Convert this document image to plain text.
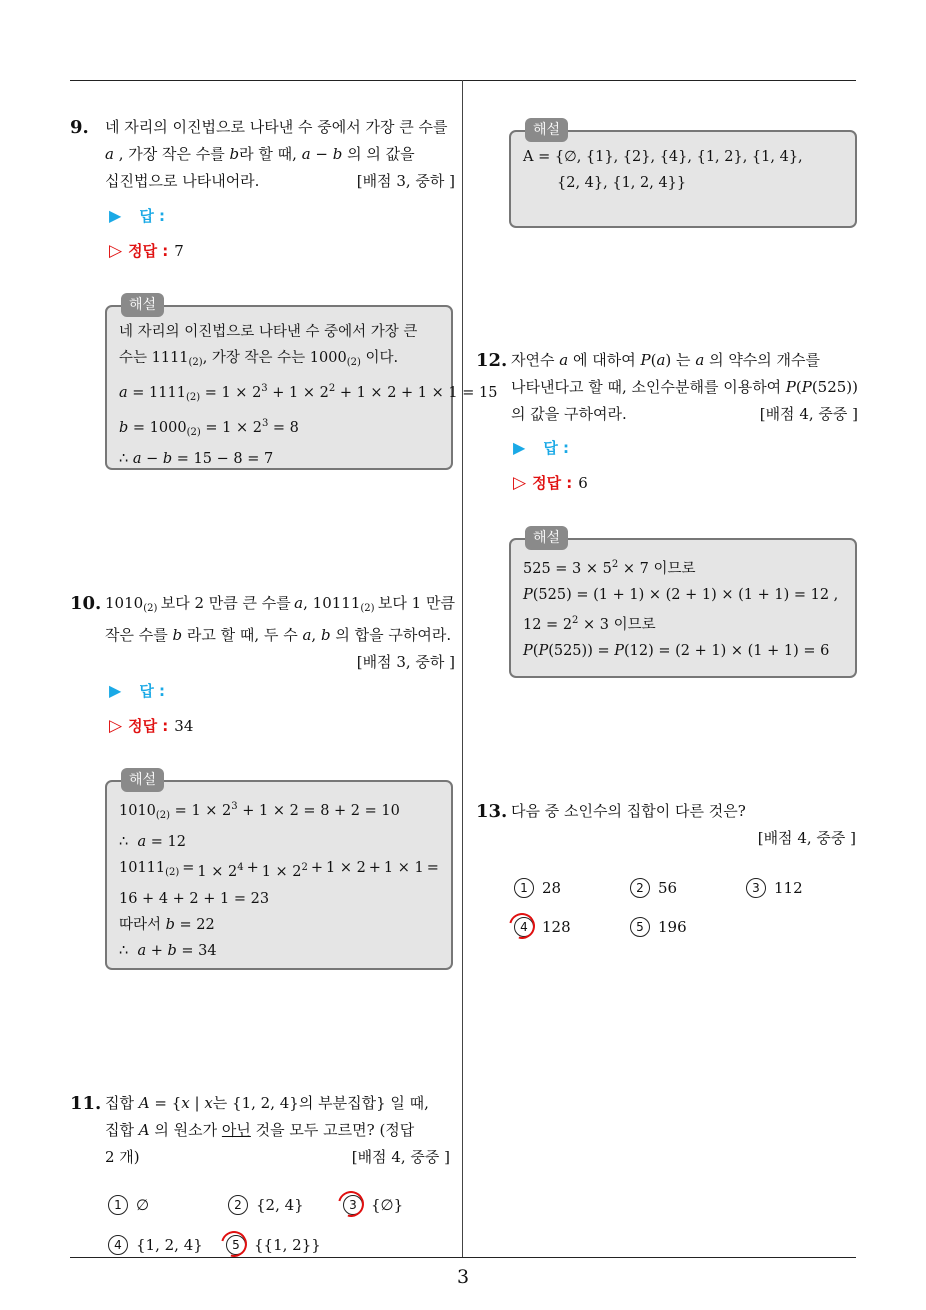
3
9. 네 자리의 이진법으로 나타낸 수 중에서 가장 큰 수를
a , 가장 작은 수를 b라 할 때, a − b 의 의 값을
십진법으로 나타내어라.	[배점 3, 중하 ]
▶ 답 :
▷ 정답 : 7
해설
네 자리의 이진법으로 나타낸 수 중에서 가장 큰
수는 $1111_{(2)}$, 가장 작은 수는 $1000_{(2)}$ 이다.
$a = 1111_{(2)} = 1 \times 2^3 + 1 \times 2^2 + 1 \times 2 + 1 \times 1 = 15$
$b = 1000_{(2)} = 1 \times 2^3 = 8$
∴ a − b = 15 − 8 = 7
10. $1010_{(2)}$ 보다 2 만큼 큰 수를 a, $10111_{(2)}$ 보다 1 만큼
작은 수를 b 라고 할 때, 두 수 a, b 의 합을 구하여라.
[배점 3, 중하 ]
▶ 답 :
▷ 정답 : 34
해설
$1010_{(2)} = 1 \times 2^3 + 1 \times 2 = 8 + 2 = 10$
∴  a = 12
$10111_{(2)} = 1 \times 2^4 + 1 \times 2^2 + 1 \times 2 + 1 \times 1$ =
16 + 4 + 2 + 1 = 23
따라서 b = 22
∴  a + b = 34
11. 집합 A = {x | x는 {1, 2, 4}의 부분집합} 일 때,
집합 A 의 원소가 아닌 것을 모두 고르면? (정답
2 개)	[배점 4, 중중 ]
1 ∅	2 {2, 4}	3 {∅}
4 {1, 2, 4}	5 {{1, 2}}
해설
A = {∅, {1}, {2}, {4}, {1, 2}, {1, 4},
{2, 4}, {1, 2, 4}}
12. 자연수 a 에 대하여 P(a) 는 a 의 약수의 개수를
나타낸다고 할 때, 소인수분해를 이용하여 P(P(525))
의 값을 구하여라.	[배점 4, 중중 ]
▶ 답 :
▷ 정답 : 6
해설
$525 = 3 \times 5^2 \times 7$ 이므로
P(525) = (1 + 1) × (2 + 1) × (1 + 1) = 12 ,
$12 = 2^2 \times 3$ 이므로
P(P(525)) = P(12) = (2 + 1) × (1 + 1) = 6
13. 다음 중 소인수의 집합이 다른 것은?
[배점 4, 중중 ]
1 28	2 56	3 112
4 128	5 196
